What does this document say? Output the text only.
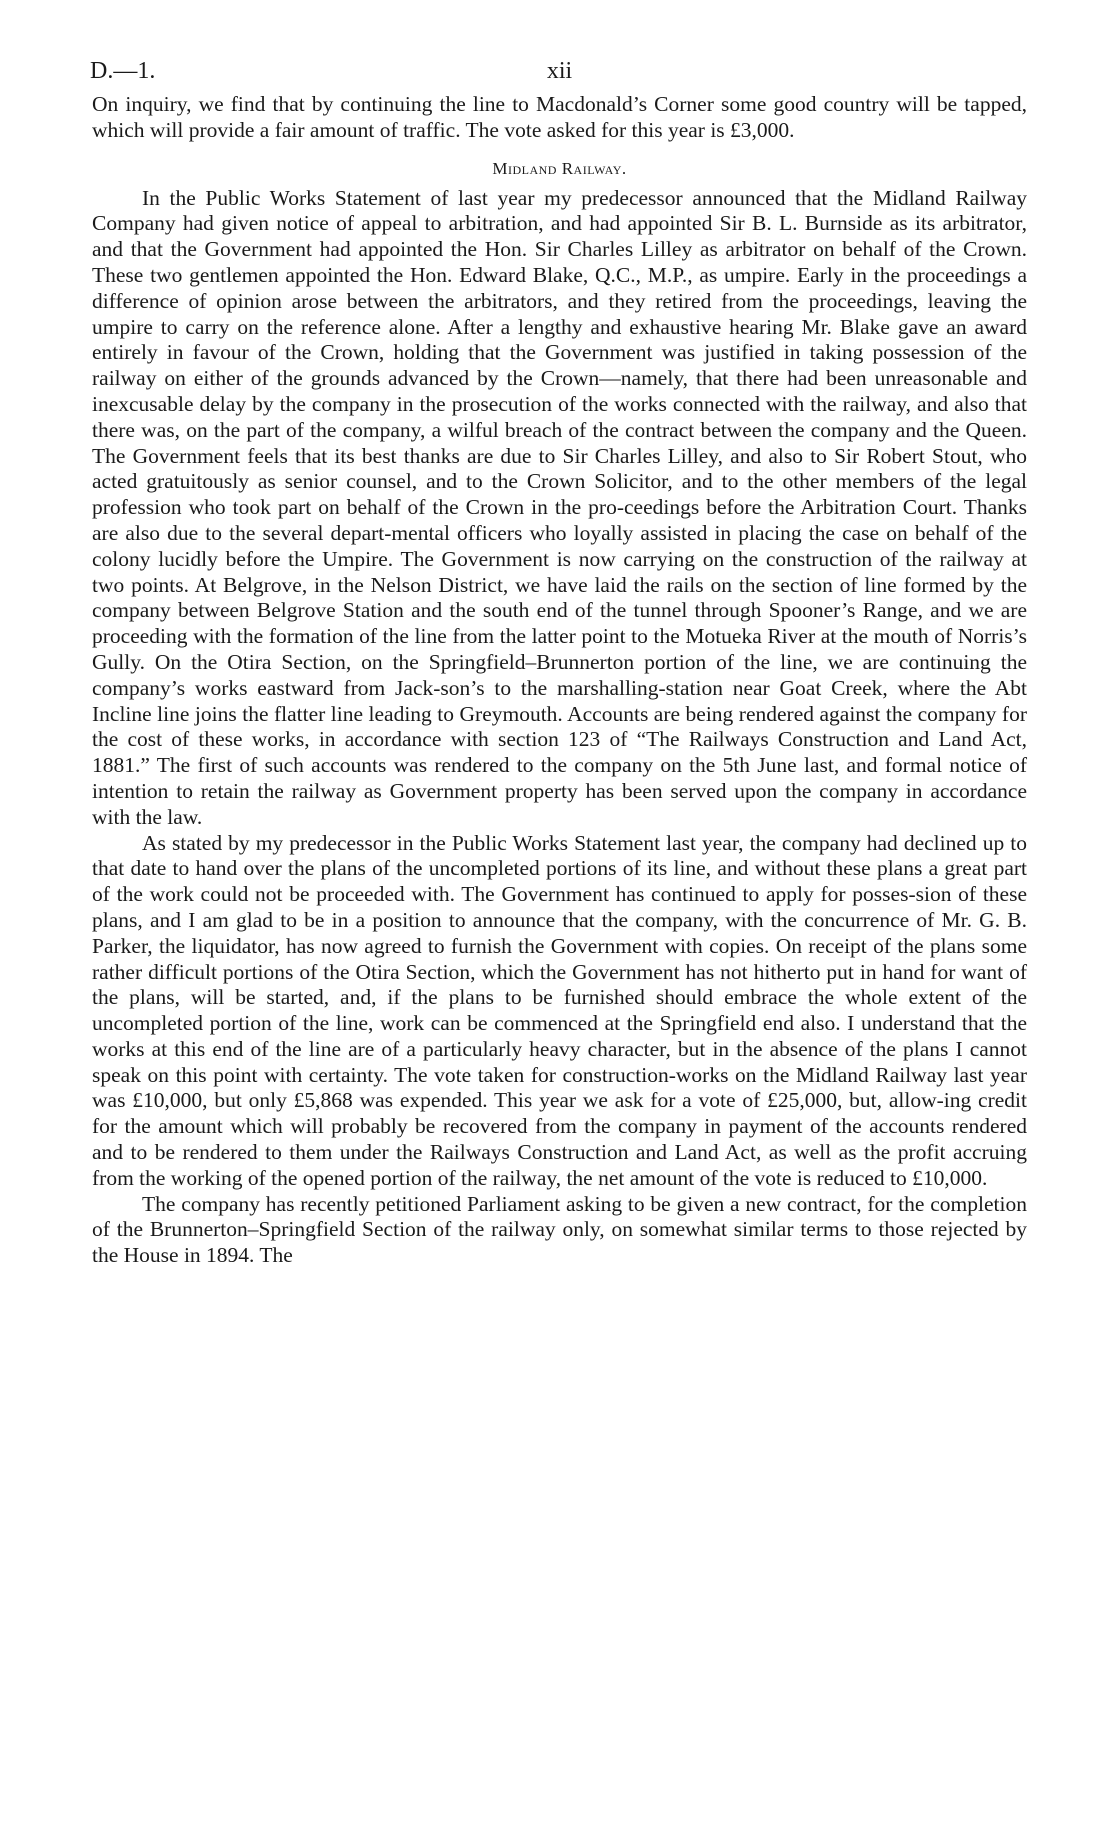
D.—1.	xii

On inquiry, we find that by continuing the line to Macdonald’s Corner some good country will be tapped, which will provide a fair amount of traffic. The vote asked for this year is £3,000.

Midland Railway.

In the Public Works Statement of last year my predecessor announced that the Midland Railway Company had given notice of appeal to arbitration, and had appointed Sir B. L. Burnside as its arbitrator, and that the Government had appointed the Hon. Sir Charles Lilley as arbitrator on behalf of the Crown. These two gentlemen appointed the Hon. Edward Blake, Q.C., M.P., as umpire. Early in the proceedings a difference of opinion arose between the arbitrators, and they retired from the proceedings, leaving the umpire to carry on the reference alone. After a lengthy and exhaustive hearing Mr. Blake gave an award entirely in favour of the Crown, holding that the Government was justified in taking possession of the railway on either of the grounds advanced by the Crown—namely, that there had been unreasonable and inexcusable delay by the company in the prosecution of the works connected with the railway, and also that there was, on the part of the company, a wilful breach of the contract between the company and the Queen. The Government feels that its best thanks are due to Sir Charles Lilley, and also to Sir Robert Stout, who acted gratuitously as senior counsel, and to the Crown Solicitor, and to the other members of the legal profession who took part on behalf of the Crown in the pro-ceedings before the Arbitration Court. Thanks are also due to the several depart-mental officers who loyally assisted in placing the case on behalf of the colony lucidly before the Umpire. The Government is now carrying on the construction of the railway at two points. At Belgrove, in the Nelson District, we have laid the rails on the section of line formed by the company between Belgrove Station and the south end of the tunnel through Spooner’s Range, and we are proceeding with the formation of the line from the latter point to the Motueka River at the mouth of Norris’s Gully. On the Otira Section, on the Springfield–Brunnerton portion of the line, we are continuing the company’s works eastward from Jack-son’s to the marshalling-station near Goat Creek, where the Abt Incline line joins the flatter line leading to Greymouth. Accounts are being rendered against the company for the cost of these works, in accordance with section 123 of “The Railways Construction and Land Act, 1881.” The first of such accounts was rendered to the company on the 5th June last, and formal notice of intention to retain the railway as Government property has been served upon the company in accordance with the law.

As stated by my predecessor in the Public Works Statement last year, the company had declined up to that date to hand over the plans of the uncompleted portions of its line, and without these plans a great part of the work could not be proceeded with. The Government has continued to apply for posses-sion of these plans, and I am glad to be in a position to announce that the company, with the concurrence of Mr. G. B. Parker, the liquidator, has now agreed to furnish the Government with copies. On receipt of the plans some rather difficult portions of the Otira Section, which the Government has not hitherto put in hand for want of the plans, will be started, and, if the plans to be furnished should embrace the whole extent of the uncompleted portion of the line, work can be commenced at the Springfield end also. I understand that the works at this end of the line are of a particularly heavy character, but in the absence of the plans I cannot speak on this point with certainty. The vote taken for construction-works on the Midland Railway last year was £10,000, but only £5,868 was expended. This year we ask for a vote of £25,000, but, allow-ing credit for the amount which will probably be recovered from the company in payment of the accounts rendered and to be rendered to them under the Railways Construction and Land Act, as well as the profit accruing from the working of the opened portion of the railway, the net amount of the vote is reduced to £10,000.

The company has recently petitioned Parliament asking to be given a new contract, for the completion of the Brunnerton–Springfield Section of the railway only, on somewhat similar terms to those rejected by the House in 1894. The
